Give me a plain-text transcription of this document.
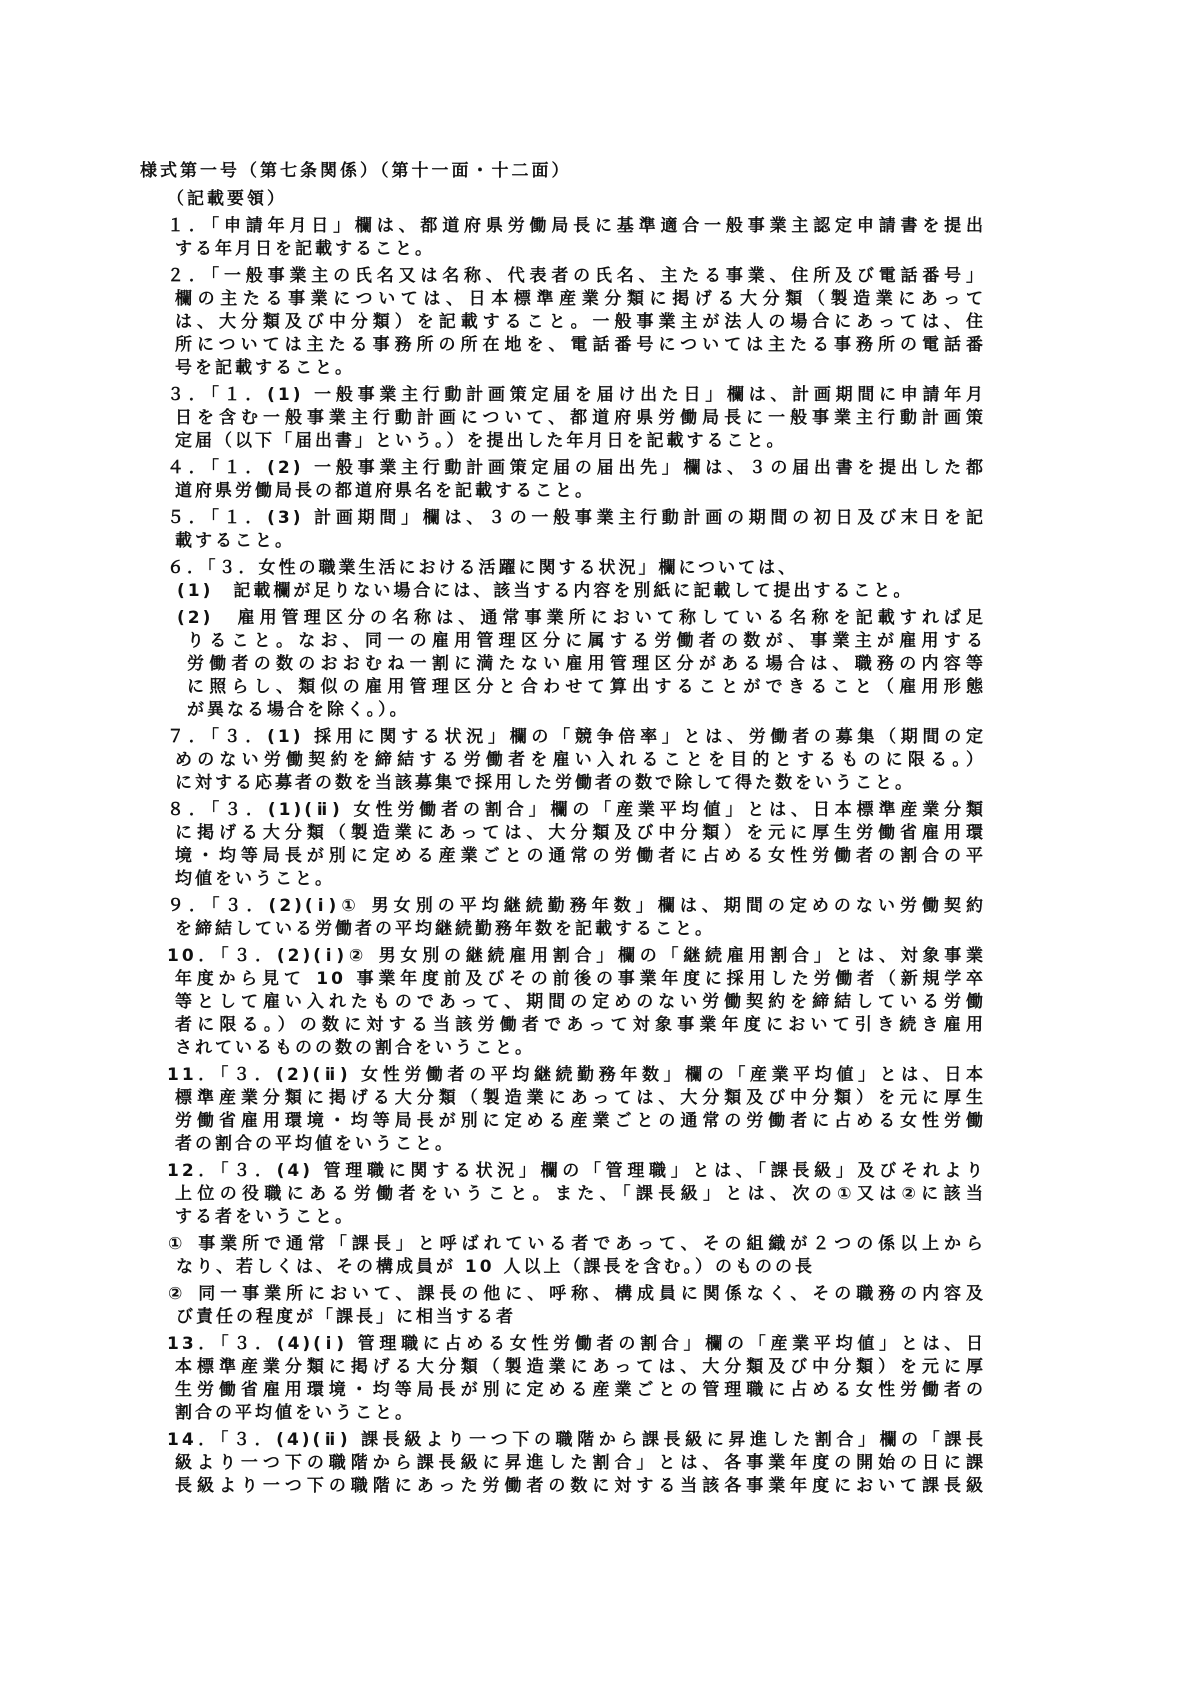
様式第一号（第七条関係）（第十一面・十二面）
（記載要領）
１．「申請年月日」欄は、都道府県労働局長に基準適合一般事業主認定申請書を提出
する年月日を記載すること。
２．「一般事業主の氏名又は名称、代表者の氏名、主たる事業、住所及び電話番号」
欄の主たる事業については、日本標準産業分類に掲げる大分類（製造業にあって
は、大分類及び中分類）を記載すること。一般事業主が法人の場合にあっては、住
所については主たる事務所の所在地を、電話番号については主たる事務所の電話番
号を記載すること。
３．「１．(1) 一般事業主行動計画策定届を届け出た日」欄は、計画期間に申請年月
日を含む一般事業主行動計画について、都道府県労働局長に一般事業主行動計画策
定届（以下「届出書」という。）を提出した年月日を記載すること。
４．「１．(2) 一般事業主行動計画策定届の届出先」欄は、３の届出書を提出した都
道府県労働局長の都道府県名を記載すること。
５．「１．(3) 計画期間」欄は、３の一般事業主行動計画の期間の初日及び末日を記
載すること。
６．「３．女性の職業生活における活躍に関する状況」欄については、
(1)　記載欄が足りない場合には、該当する内容を別紙に記載して提出すること。
(2)　雇用管理区分の名称は、通常事業所において称している名称を記載すれば足
りること。なお、同一の雇用管理区分に属する労働者の数が、事業主が雇用する
労働者の数のおおむね一割に満たない雇用管理区分がある場合は、職務の内容等
に照らし、類似の雇用管理区分と合わせて算出することができること（雇用形態
が異なる場合を除く。）。
７．「３．(1) 採用に関する状況」欄の「競争倍率」とは、労働者の募集（期間の定
めのない労働契約を締結する労働者を雇い入れることを目的とするものに限る。）
に対する応募者の数を当該募集で採用した労働者の数で除して得た数をいうこと。
８．「３．(1)(ⅱ) 女性労働者の割合」欄の「産業平均値」とは、日本標準産業分類
に掲げる大分類（製造業にあっては、大分類及び中分類）を元に厚生労働省雇用環
境・均等局長が別に定める産業ごとの通常の労働者に占める女性労働者の割合の平
均値をいうこと。
９．「３．(2)(ⅰ)① 男女別の平均継続勤務年数」欄は、期間の定めのない労働契約
を締結している労働者の平均継続勤務年数を記載すること。
10．「３．(2)(ⅰ)② 男女別の継続雇用割合」欄の「継続雇用割合」とは、対象事業
年度から見て 10 事業年度前及びその前後の事業年度に採用した労働者（新規学卒
等として雇い入れたものであって、期間の定めのない労働契約を締結している労働
者に限る。）の数に対する当該労働者であって対象事業年度において引き続き雇用
されているものの数の割合をいうこと。
11．「３．(2)(ⅱ) 女性労働者の平均継続勤務年数」欄の「産業平均値」とは、日本
標準産業分類に掲げる大分類（製造業にあっては、大分類及び中分類）を元に厚生
労働省雇用環境・均等局長が別に定める産業ごとの通常の労働者に占める女性労働
者の割合の平均値をいうこと。
12．「３．(4) 管理職に関する状況」欄の「管理職」とは、「課長級」及びそれより
上位の役職にある労働者をいうこと。また、「課長級」とは、次の①又は②に該当
する者をいうこと。
① 事業所で通常「課長」と呼ばれている者であって、その組織が２つの係以上から
なり、若しくは、その構成員が 10 人以上（課長を含む。）のものの長
② 同一事業所において、課長の他に、呼称、構成員に関係なく、その職務の内容及
び責任の程度が「課長」に相当する者
13．「３．(4)(ⅰ) 管理職に占める女性労働者の割合」欄の「産業平均値」とは、日
本標準産業分類に掲げる大分類（製造業にあっては、大分類及び中分類）を元に厚
生労働省雇用環境・均等局長が別に定める産業ごとの管理職に占める女性労働者の
割合の平均値をいうこと。
14．「３．(4)(ⅱ) 課長級より一つ下の職階から課長級に昇進した割合」欄の「課長
級より一つ下の職階から課長級に昇進した割合」とは、各事業年度の開始の日に課
長級より一つ下の職階にあった労働者の数に対する当該各事業年度において課長級
